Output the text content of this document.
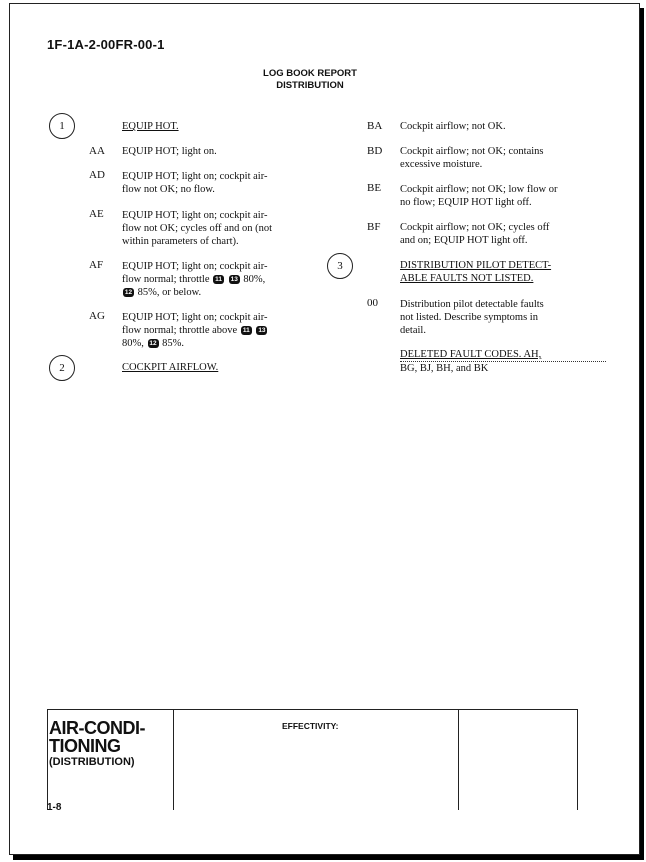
1F-1A-2-00FR-00-1
LOG BOOK REPORT
DISTRIBUTION
1	EQUIP HOT.
AA EQUIP HOT; light on.
AD EQUIP HOT; light on; cockpit air-
flow not OK; no flow.
AE EQUIP HOT; light on; cockpit air-
flow not OK; cycles off and on (not
within parameters of chart).
AF EQUIP HOT; light on; cockpit air-
flow normal; throttle 11 13 80%,
12 85%, or below.
AG EQUIP HOT; light on; cockpit air-
flow normal; throttle above 11 13
80%, 12 85%.
2	COCKPIT AIRFLOW.
BA Cockpit airflow; not OK.
BD Cockpit airflow; not OK; contains
excessive moisture.
BE Cockpit airflow; not OK; low flow or
no flow; EQUIP HOT light off.
BF Cockpit airflow; not OK; cycles off
and on; EQUIP HOT light off.
3	DISTRIBUTION PILOT DETECT-
ABLE FAULTS NOT LISTED.
00 Distribution pilot detectable faults
not listed. Describe symptoms in
detail.
DELETED FAULT CODES. AH,
BG, BJ, BH, and BK
AIR-CONDI-
TIONING
(DISTRIBUTION)
1-8
EFFECTIVITY:
